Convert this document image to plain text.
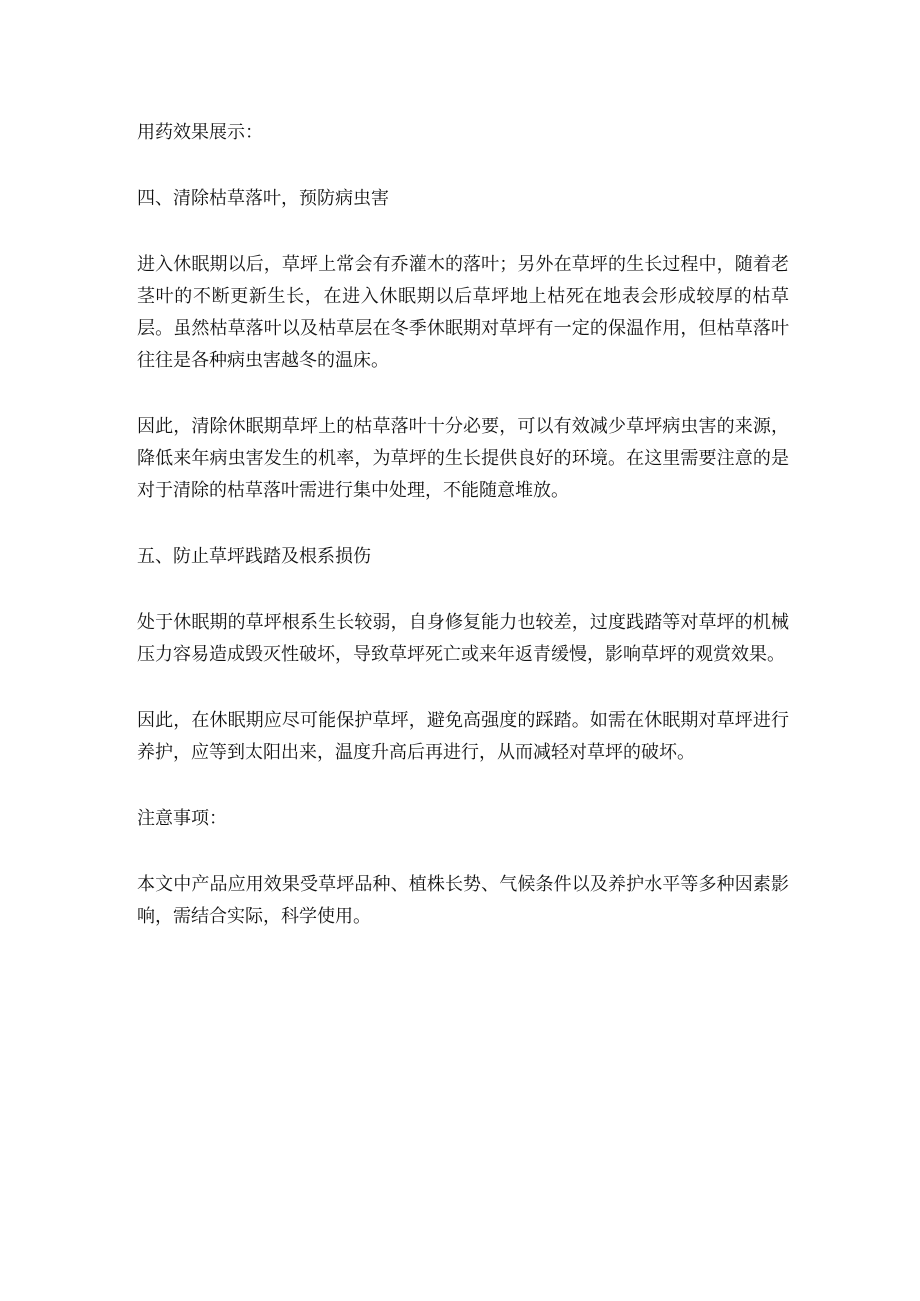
用药效果展示：

四、清除枯草落叶，预防病虫害

进入休眠期以后，草坪上常会有乔灌木的落叶；另外在草坪的生长过程中，随着老茎叶的不断更新生长，在进入休眠期以后草坪地上枯死在地表会形成较厚的枯草层。虽然枯草落叶以及枯草层在冬季休眠期对草坪有一定的保温作用，但枯草落叶往往是各种病虫害越冬的温床。

因此，清除休眠期草坪上的枯草落叶十分必要，可以有效减少草坪病虫害的来源，降低来年病虫害发生的机率，为草坪的生长提供良好的环境。在这里需要注意的是对于清除的枯草落叶需进行集中处理，不能随意堆放。

五、防止草坪践踏及根系损伤

处于休眠期的草坪根系生长较弱，自身修复能力也较差，过度践踏等对草坪的机械压力容易造成毁灭性破坏，导致草坪死亡或来年返青缓慢，影响草坪的观赏效果。

因此，在休眠期应尽可能保护草坪，避免高强度的踩踏。如需在休眠期对草坪进行养护，应等到太阳出来，温度升高后再进行，从而减轻对草坪的破坏。

注意事项：

本文中产品应用效果受草坪品种、植株长势、气候条件以及养护水平等多种因素影响，需结合实际，科学使用。
